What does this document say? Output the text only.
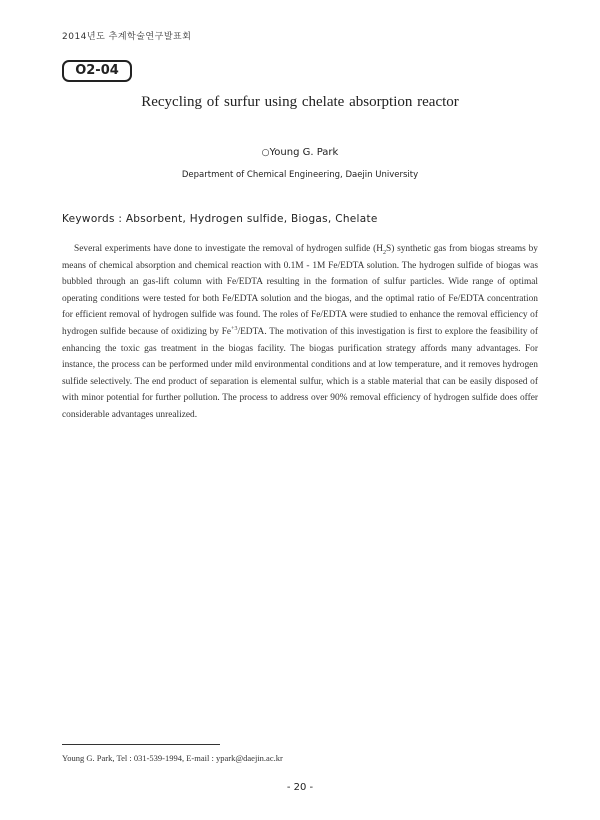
2014년도 추계학술연구발표회
O2-04
Recycling of surfur using chelate absorption reactor
○Young G. Park
Department of Chemical Engineering, Daejin University
Keywords : Absorbent, Hydrogen sulfide, Biogas, Chelate

Several experiments have done to investigate the removal of hydrogen sulfide $(H_2S)$ synthetic gas from biogas streams by means of chemical absorption and chemical reaction with 0.1M - 1M Fe/EDTA solution. The hydrogen sulfide of biogas was bubbled through an gas-lift column with Fe/EDTA resulting in the formation of sulfur particles. Wide range of optimal operating conditions were tested for both Fe/EDTA solution and the biogas, and the optimal ratio of Fe/EDTA concentration for efficient removal of hydrogen sulfide was found. The roles of Fe/EDTA were studied to enhance the removal efficiency of hydrogen sulfide because of oxidizing by $Fe^{+3}$/EDTA. The motivation of this investigation is first to explore the feasibility of enhancing the toxic gas treatment in the biogas facility. The biogas purification strategy affords many advantages. For instance, the process can be performed under mild environmental conditions and at low temperature, and it removes hydrogen sulfide selectively. The end product of separation is elemental sulfur, which is a stable material that can be easily disposed of with minor potential for further pollution. The process to address over 90% removal efficiency of hydrogen sulfide does offer considerable advantages unrealized.

Young G. Park, Tel : 031-539-1994, E-mail : ypark@daejin.ac.kr
- 20 -
